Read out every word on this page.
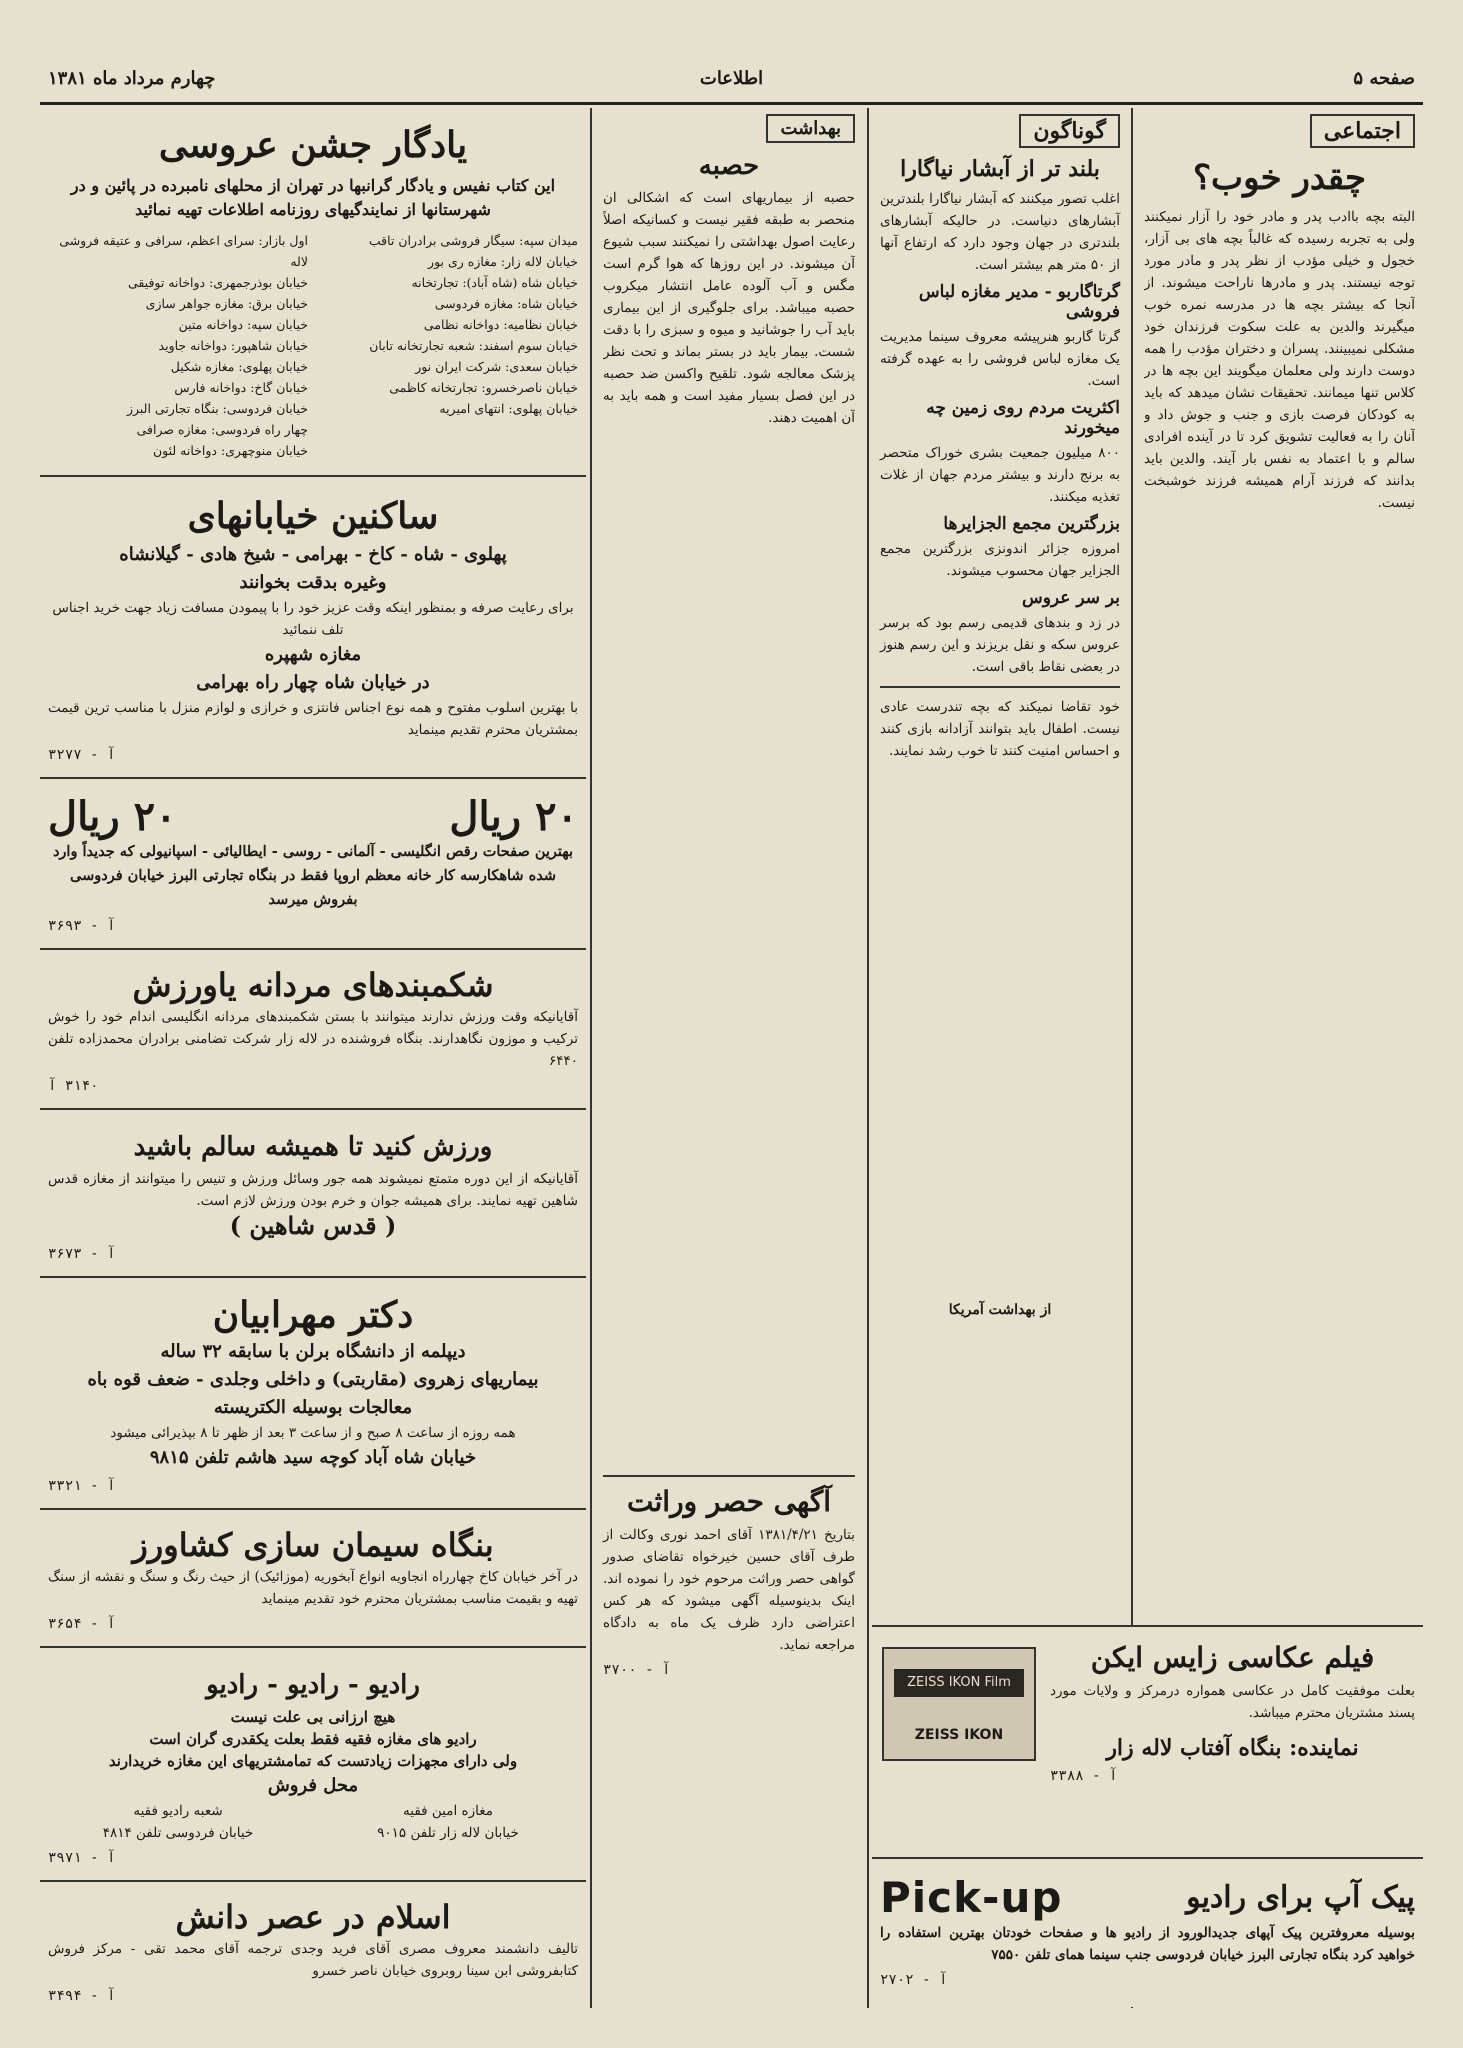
صفحه ۵
اطلاعات
چهارم مرداد ماه ۱۳۸۱
اجتماعی
چقدر خوب؟
البته بچه باادب پدر و مادر خود را آزار نمیکنند ولی به تجربه رسیده که غالباً بچه های بی آزار، خجول و خیلی مؤدب از نظر پدر و مادر مورد توجه نیستند. پدر و مادرها ناراحت میشوند. از آنجا که بیشتر بچه ها در مدرسه نمره خوب میگیرند والدین به علت سکوت فرزندان خود مشکلی نمیبینند. پسران و دختران مؤدب را همه دوست دارند ولی معلمان میگویند این بچه ها در کلاس تنها میمانند. تحقیقات نشان میدهد که باید به کودکان فرصت بازی و جنب و جوش داد و آنان را به فعالیت تشویق کرد تا در آینده افرادی سالم و با اعتماد به نفس بار آیند. والدین باید بدانند که فرزند آرام همیشه فرزند خوشبخت نیست.
گوناگون
بلند تر از آبشار نیاگارا
اغلب تصور میکنند که آبشار نیاگارا بلندترین آبشارهای دنیاست. در حالیکه آبشارهای بلندتری در جهان وجود دارد که ارتفاع آنها از ۵۰ متر هم بیشتر است.
گرتاگاربو - مدیر مغازه لباس فروشی
گرتا گاربو هنرپیشه معروف سینما مدیریت یک مغازه لباس فروشی را به عهده گرفته است.
اکثریت مردم روی زمین چه میخورند
۸۰۰ میلیون جمعیت بشری خوراک متحصر به برنج دارند و بیشتر مردم جهان از غلات تغذیه میکنند.
بزرگترین مجمع الجزایرها
امروزه جزائر اندونزی بزرگترین مجمع الجزایر جهان محسوب میشوند.
بر سر عروس
در زد و بندهای قدیمی رسم بود که برسر عروس سکه و نقل بریزند و این رسم هنوز در بعضی نقاط باقی است.
خود تقاضا نمیکند که بچه تندرست عادی نیست. اطفال باید بتوانند آزادانه بازی کنند و احساس امنیت کنند تا خوب رشد نمایند.
از بهداشت آمریکا
ZEISS IKON Film
ZEISS IKON
فیلم عکاسی زایس ایکن
بعلت موفقیت کامل در عکاسی همواره درمرکز و ولایات مورد پسند مشتریان محترم میباشد.
نماینده: بنگاه آفتاب لاله زار
آ - ۳۳۸۸
پیک آپ برای رادیو
Pick-up
بوسیله معروفترین پیک آپهای جدیدالورود از رادیو ها و صفحات خودتان بهترین استفاده را خواهید کرد بنگاه تجارتی البرز خیابان فردوسی جنب سینما همای تلفن ۷۵۵۰
آ - ۲۷۰۲
بهداشت
حصبه
حصبه از بیماریهای است که اشکالی ان منحصر به طبقه فقیر نیست و کسانیکه اصلاً رعایت اصول بهداشتی را نمیکنند سبب شیوع آن میشوند. در این روزها که هوا گرم است مگس و آب آلوده عامل انتشار میکروب حصبه میباشد. برای جلوگیری از این بیماری باید آب را جوشانید و میوه و سبزی را با دقت شست. بیمار باید در بستر بماند و تحت نظر پزشک معالجه شود. تلقیح واکسن ضد حصبه در این فصل بسیار مفید است و همه باید به آن اهمیت دهند.
آگهی حصر وراثت
بتاریخ ۱۳۸۱/۴/۲۱ آقای احمد نوری وکالت از طرف آقای حسین خیرخواه تقاضای صدور گواهی حصر وراثت مرحوم خود را نموده اند. اینک بدینوسیله آگهی میشود که هر کس اعتراضی دارد ظرف یک ماه به دادگاه مراجعه نماید.
آ - ۳۷۰۰
یادگار جشن عروسی
این کتاب نفیس و یادگار گرانبها در تهران از محلهای نامبرده در پائین و در شهرستانها از نمایندگیهای روزنامه اطلاعات تهیه نمائید
میدان سپه: سیگار فروشی برادران تاقب
خیابان لاله زار: مغازه ری بور
خیابان شاه (شاه آباد): تجارتخانه
خیابان شاه: مغازه فردوسی
خیابان نظامیه: دواخانه نظامی
خیابان سوم اسفند: شعبه تجارتخانه تابان
خیابان سعدی: شرکت ایران نور
خیابان ناصرخسرو: تجارتخانه کاظمی
خیابان پهلوی: انتهای امیریه
اول بازار: سرای اعظم، سرافی و عتیقه فروشی لاله
خیابان بوذرجمهری: دواخانه توفیقی
خیابان برق: مغازه جواهر سازی
خیابان سپه: دواخانه متین
خیابان شاهپور: دواخانه جاوید
خیابان پهلوی: مغازه شکیل
خیابان گاخ: دواخانه فارس
خیابان فردوسی: بنگاه تجارتی البرز
چهار راه فردوسی: مغازه صرافی
خیابان منوچهری: دواخانه لئون
ساکنین خیابانهای
پهلوی - شاه - کاخ - بهرامی - شیخ هادی - گیلانشاه
وغیره بدقت بخوانند
برای رعایت صرفه و بمنظور اینکه وقت عزیز خود را با پیمودن مسافت زیاد جهت خرید اجناس تلف ننمائید
مغازه شهپره
در خیابان شاه چهار راه بهرامی
با بهترین اسلوب مفتوح و همه نوع اجناس فانتزی و خرازی و لوازم منزل با مناسب ترین قیمت بمشتریان محترم تقدیم مینماید
آ - ۳۲۷۷
۲۰ ریال
۲۰ ریال
بهترین صفحات رقص انگلیسی - آلمانی - روسی - ایطالیائی - اسپانیولی که جدیداً وارد شده شاهکارسه کار خانه معظم اروپا فقط در بنگاه تجارتی البرز خیابان فردوسی بفروش میرسد
آ - ۳۶۹۳
شکمبندهای مردانه یاورزش
آقایانیکه وقت ورزش ندارند میتوانند با بستن شکمبندهای مردانه انگلیسی اندام خود را خوش ترکیب و موزون نگاهدارند. بنگاه فروشنده در لاله زار شرکت تضامنی برادران محمدزاده تلفن ۶۴۴۰
۳۱۴۰ آ
ورزش کنید تا همیشه سالم باشید
آقایانیکه از این دوره متمتع نمیشوند همه جور وسائل ورزش و تنیس را میتوانند از مغازه قدس شاهین تهیه نمایند. برای همیشه جوان و خرم بودن ورزش لازم است.
( قدس شاهین )
آ - ۳۶۷۳
دکتر مهرابیان
دیپلمه از دانشگاه برلن با سابقه ۳۲ ساله
بیماریهای زهروی (مقاربتی) و داخلی وجلدی - ضعف قوه باه
معالجات بوسیله الکتریسته
همه روزه از ساعت ۸ صبح و از ساعت ۳ بعد از ظهر تا ۸ بپذیرائی میشود
خیابان شاه آباد کوچه سید هاشم تلفن ۹۸۱۵
آ - ۳۳۲۱
بنگاه سیمان سازی کشاورز
در آخر خیابان کاخ چهارراه انجاویه انواع آبخوریه (موزائیک) از حیث رنگ و سنگ و نقشه از سنگ تهیه و بقیمت مناسب بمشتریان محترم خود تقدیم مینماید
آ - ۳۶۵۴
رادیو - رادیو - رادیو
هیچ ارزانی بی علت نیست
رادیو های مغازه فقیه فقط بعلت یکقدری گران است
ولی دارای مجهزات زیادتست که تمامشتریهای این مغازه خریدارند
محل فروش
مغازه امین فقیه
خیابان لاله زار تلفن ۹۰۱۵
شعبه رادیو فقیه
خیابان فردوسی تلفن ۴۸۱۴
آ - ۳۹۷۱
اسلام در عصر دانش
تالیف دانشمند معروف مصری آقای فرید وجدی ترجمه آقای محمد تقی - مرکز فروش کتابفروشی ابن سینا روبروی خیابان ناصر خسرو
آ - ۳۴۹۴
